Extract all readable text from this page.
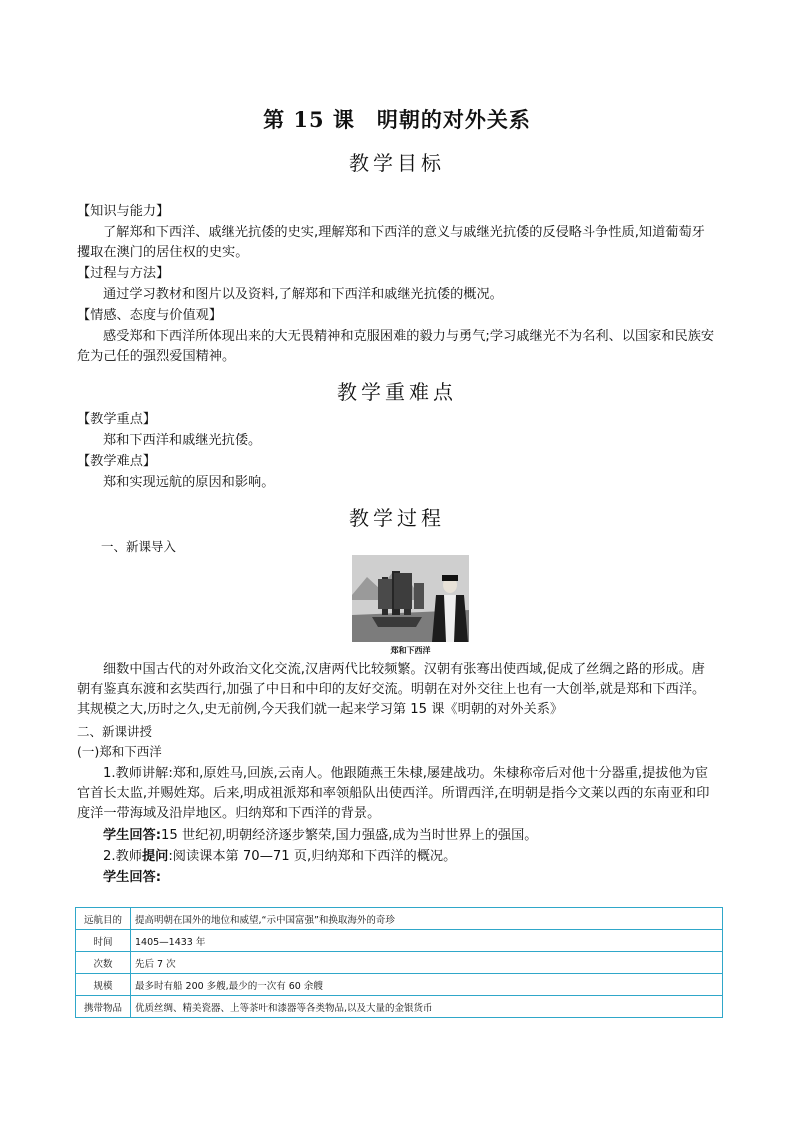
第 15 课 明朝的对外关系
教学目标
【知识与能力】
了解郑和下西洋、戚继光抗倭的史实,理解郑和下西洋的意义与戚继光抗倭的反侵略斗争性质,知道葡萄牙攫取在澳门的居住权的史实。
【过程与方法】
通过学习教材和图片以及资料,了解郑和下西洋和戚继光抗倭的概况。
【情感、态度与价值观】
感受郑和下西洋所体现出来的大无畏精神和克服困难的毅力与勇气;学习戚继光不为名利、以国家和民族安危为己任的强烈爱国精神。
教学重难点
【教学重点】
郑和下西洋和戚继光抗倭。
【教学难点】
郑和实现远航的原因和影响。
教学过程
一、新课导入
郑和下西洋
细数中国古代的对外政治文化交流,汉唐两代比较频繁。汉朝有张骞出使西域,促成了丝绸之路的形成。唐朝有鉴真东渡和玄奘西行,加强了中日和中印的友好交流。明朝在对外交往上也有一大创举,就是郑和下西洋。其规模之大,历时之久,史无前例,今天我们就一起来学习第 15 课《明朝的对外关系》
二、新课讲授
(一)郑和下西洋
1.教师讲解:郑和,原姓马,回族,云南人。他跟随燕王朱棣,屡建战功。朱棣称帝后对他十分器重,提拔他为宦官首长太监,并赐姓郑。后来,明成祖派郑和率领船队出使西洋。所谓西洋,在明朝是指今文莱以西的东南亚和印度洋一带海域及沿岸地区。归纳郑和下西洋的背景。
学生回答:15 世纪初,明朝经济逐步繁荣,国力强盛,成为当时世界上的强国。
2.教师提问:阅读课本第 70—71 页,归纳郑和下西洋的概况。
学生回答:
远航目的	提高明朝在国外的地位和威望,“示中国富强”和换取海外的奇珍
时间	1405—1433 年
次数	先后 7 次
规模	最多时有船 200 多艘,最少的一次有 60 余艘
携带物品	优质丝绸、精美瓷器、上等茶叶和漆器等各类物品,以及大量的金银货币
